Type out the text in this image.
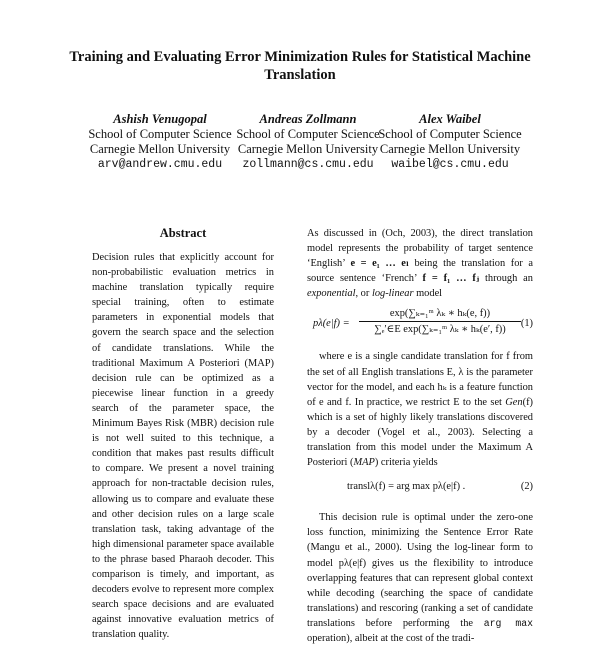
Training and Evaluating Error Minimization Rules for Statistical Machine Translation
Ashish Venugopal
School of Computer Science
Carnegie Mellon University
arv@andrew.cmu.edu
Andreas Zollmann
School of Computer Science
Carnegie Mellon University
zollmann@cs.cmu.edu
Alex Waibel
School of Computer Science
Carnegie Mellon University
waibel@cs.cmu.edu
Abstract
Decision rules that explicitly account for non-probabilistic evaluation metrics in machine translation typically require special training, often to estimate parameters in exponential models that govern the search space and the selection of candidate translations. While the traditional Maximum A Posteriori (MAP) decision rule can be optimized as a piecewise linear function in a greedy search of the parameter space, the Minimum Bayes Risk (MBR) decision rule is not well suited to this technique, a condition that makes past results difficult to compare. We present a novel training approach for non-tractable decision rules, allowing us to compare and evaluate these and other decision rules on a large scale translation task, taking advantage of the high dimensional parameter space available to the phrase based Pharaoh decoder. This comparison is timely, and important, as decoders evolve to represent more complex search space decisions and are evaluated against innovative evaluation metrics of translation quality.

As discussed in (Och, 2003), the direct translation model represents the probability of target sentence ‘English’ e = e₁ … eₗ being the translation for a source sentence ‘French’ f = f₁ … fⱼ through an exponential, or log-linear model

$p\lambda(e|f) = \frac{\text{exp(∑ₖ₌₁ᵐ λₖ ∗ hₖ(e, f))}}{\text{∑ₑ′∈E exp(∑ₖ₌₁ᵐ λₖ ∗ hₖ(e′, f))}} (1)$

where e is a single candidate translation for f from the set of all English translations E, λ is the parameter vector for the model, and each hₖ is a feature function of e and f. In practice, we restrict E to the set Gen(f) which is a set of highly likely translations discovered by a decoder (Vogel et al., 2003). Selecting a translation from this model under the Maximum A Posteriori (MAP) criteria yields

translλ(f) = arg max pλ(e|f) .	(2)

This decision rule is optimal under the zero-one loss function, minimizing the Sentence Error Rate (Mangu et al., 2000). Using the log-linear form to model pλ(e|f) gives us the flexibility to introduce overlapping features that can represent global context while decoding (searching the space of candidate translations) and rescoring (ranking a set of candidate translations before performing the arg max operation), albeit at the cost of the tradi-
